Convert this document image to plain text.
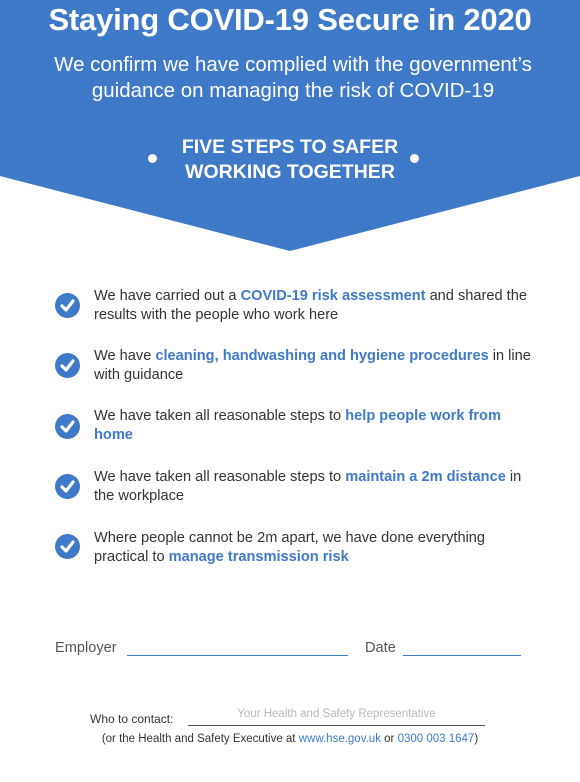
Staying COVID-19 Secure in 2020
We confirm we have complied with the government’s
guidance on managing the risk of COVID-19
FIVE STEPS TO SAFER
WORKING TOGETHER
We have carried out a COVID-19 risk assessment and shared the results with the people who work here
We have cleaning, handwashing and hygiene procedures in line with guidance
We have taken all reasonable steps to help people work from home
We have taken all reasonable steps to maintain a 2m distance in the workplace
Where people cannot be 2m apart, we have done everything practical to manage transmission risk
Employer	Date
Who to contact:	Your Health and Safety Representative
(or the Health and Safety Executive at www.hse.gov.uk or 0300 003 1647)
